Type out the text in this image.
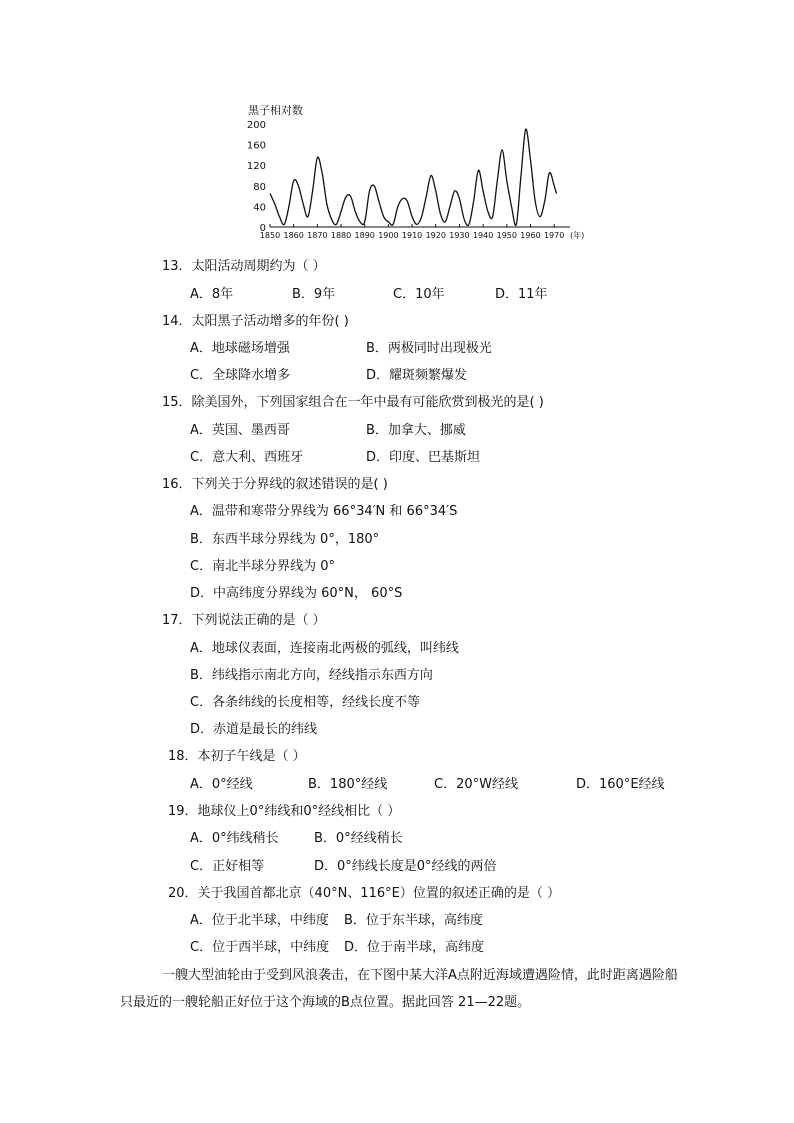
黑子相对数
200
160
120
80
40
0
1850 1860 1870 1880 1890 1900 1910 1920 1930 1940 1950 1960 1970 (年)
13．太阳活动周期约为（ ）
A．8年	B．9年	C．10年	D．11年
14．太阳黑子活动增多的年份( )
A．地球磁场增强	B．两极同时出现极光
C．全球降水增多	D．耀斑频繁爆发
15．除美国外，下列国家组合在一年中最有可能欣赏到极光的是( )
A．英国、墨西哥	B．加拿大、挪威
C．意大利、西班牙	D．印度、巴基斯坦
16．下列关于分界线的叙述错误的是( )
A．温带和寒带分界线为 66°34′N 和 66°34′S
B．东西半球分界线为 0°，180°
C．南北半球分界线为 0°
D．中高纬度分界线为 60°N， 60°S
17．下列说法正确的是（ ）
A．地球仪表面，连接南北两极的弧线，叫纬线
B．纬线指示南北方向，经线指示东西方向
C．各条纬线的长度相等，经线长度不等
D．赤道是最长的纬线
18．本初子午线是（ ）
A．0°经线	B．180°经线	C．20°W经线	D．160°E经线
19．地球仪上0°纬线和0°经线相比（ ）
A．0°纬线稍长	B．0°经线稍长
C．正好相等	D．0°纬线长度是0°经线的两倍
20．关于我国首都北京（40°N、116°E）位置的叙述正确的是（ ）
A．位于北半球，中纬度 B．位于东半球，高纬度
C．位于西半球，中纬度 D．位于南半球，高纬度
一艘大型油轮由于受到风浪袭击，在下图中某大洋A点附近海域遭遇险情，此时距离遇险船只最近的一艘轮船正好位于这个海域的B点位置。据此回答 21—22题。
